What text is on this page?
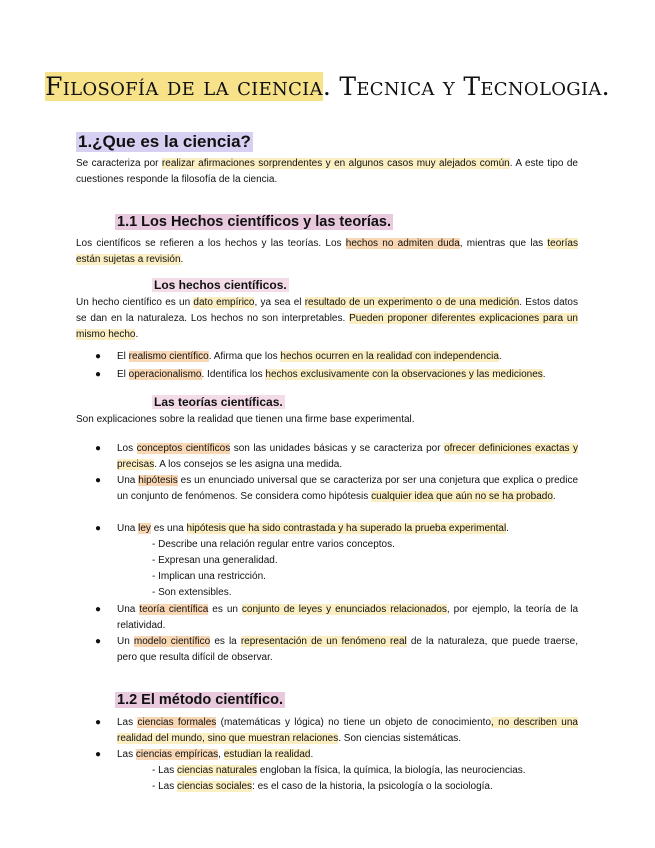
Filosofía de la ciencia. Tecnica y Tecnologia.
1.¿Que es la ciencia?
Se caracteriza por realizar afirmaciones sorprendentes y en algunos casos muy alejados común. A este tipo de cuestiones responde la filosofía de la ciencia.
1.1 Los Hechos científicos y las teorías.
Los científicos se refieren a los hechos y las teorías. Los hechos no admiten duda, mientras que las teorías están sujetas a revisión.
Los hechos científicos.
Un hecho científico es un dato empírico, ya sea el resultado de un experimento o de una medición. Estos datos se dan en la naturaleza. Los hechos no son interpretables. Pueden proponer diferentes explicaciones para un mismo hecho.
● El realismo científico. Afirma que los hechos ocurren en la realidad con independencia.
● El operacionalismo. Identifica los hechos exclusivamente con la observaciones y las mediciones.
Las teorías científicas.
Son explicaciones sobre la realidad que tienen una firme base experimental.
● Los conceptos científicos son las unidades básicas y se caracteriza por ofrecer definiciones exactas y precisas. A los consejos se les asigna una medida.
● Una hipótesis es un enunciado universal que se caracteriza por ser una conjetura que explica o predice un conjunto de fenómenos. Se considera como hipótesis cualquier idea que aún no se ha probado.
● Una ley es una hipótesis que ha sido contrastada y ha superado la prueba experimental.
- Describe una relación regular entre varios conceptos.
- Expresan una generalidad.
- Implican una restricción.
- Son extensibles.
● Una teoría científica es un conjunto de leyes y enunciados relacionados, por ejemplo, la teoría de la relatividad.
● Un modelo científico es la representación de un fenómeno real de la naturaleza, que puede traerse, pero que resulta difícil de observar.
1.2 El método científico.
● Las ciencias formales (matemáticas y lógica) no tiene un objeto de conocimiento, no describen una realidad del mundo, sino que muestran relaciones. Son ciencias sistemáticas.
● Las ciencias empíricas, estudian la realidad.
- Las ciencias naturales engloban la física, la química, la biología, las neurociencias.
- Las ciencias sociales: es el caso de la historia, la psicología o la sociología.
